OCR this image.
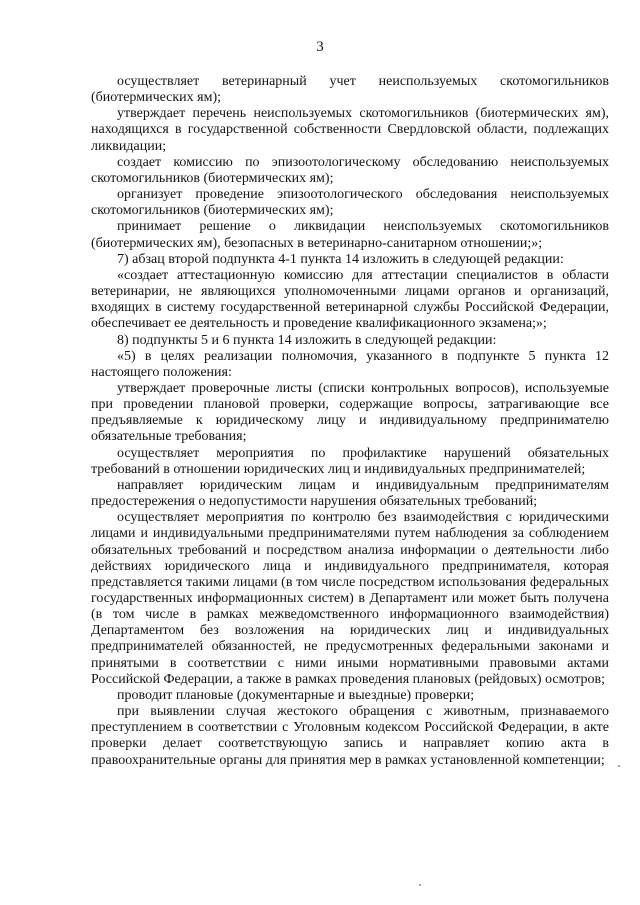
3

осуществляет ветеринарный учет неиспользуемых скотомогильников (биотермических ям);

утверждает перечень неиспользуемых скотомогильников (биотермических ям), находящихся в государственной собственности Свердловской области, подлежащих ликвидации;

создает комиссию по эпизоотологическому обследованию неиспользуемых скотомогильников (биотермических ям);

организует проведение эпизоотологического обследования неиспользуемых скотомогильников (биотермических ям);

принимает решение о ликвидации неиспользуемых скотомогильников (биотермических ям), безопасных в ветеринарно-санитарном отношении;»;

7) абзац второй подпункта 4-1 пункта 14 изложить в следующей редакции:

«создает аттестационную комиссию для аттестации специалистов в области ветеринарии, не являющихся уполномоченными лицами органов и организаций, входящих в систему государственной ветеринарной службы Российской Федерации, обеспечивает ее деятельность и проведение квалификационного экзамена;»;

8) подпункты 5 и 6 пункта 14 изложить в следующей редакции:

«5) в целях реализации полномочия, указанного в подпункте 5 пункта 12 настоящего положения:

утверждает проверочные листы (списки контрольных вопросов), используемые при проведении плановой проверки, содержащие вопросы, затрагивающие все предъявляемые к юридическому лицу и индивидуальному предпринимателю обязательные требования;

осуществляет мероприятия по профилактике нарушений обязательных требований в отношении юридических лиц и индивидуальных предпринимателей;

направляет юридическим лицам и индивидуальным предпринимателям предостережения о недопустимости нарушения обязательных требований;

осуществляет мероприятия по контролю без взаимодействия с юридическими лицами и индивидуальными предпринимателями путем наблюдения за соблюдением обязательных требований и посредством анализа информации о деятельности либо действиях юридического лица и индивидуального предпринимателя, которая представляется такими лицами (в том числе посредством использования федеральных государственных информационных систем) в Департамент или может быть получена (в том числе в рамках межведомственного информационного взаимодействия) Департаментом без возложения на юридических лиц и индивидуальных предпринимателей обязанностей, не предусмотренных федеральными законами и принятыми в соответствии с ними иными нормативными правовыми актами Российской Федерации, а также в рамках проведения плановых (рейдовых) осмотров;

проводит плановые (документарные и выездные) проверки;

при выявлении случая жестокого обращения с животным, признаваемого преступлением в соответствии с Уголовным кодексом Российской Федерации, в акте проверки делает соответствующую запись и направляет копию акта в правоохранительные органы для принятия мер в рамках установленной компетенции;
